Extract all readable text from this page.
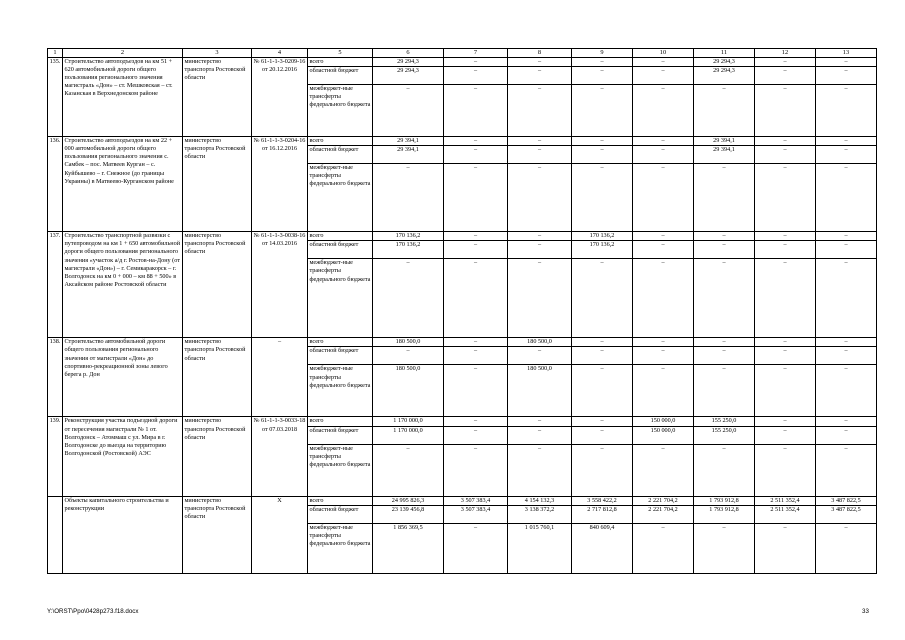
1	2	3	4	5	6	7	8	9	10	11	12	13
135.	Строительство автоподъездов на км 51 + 620 автомобильной дороги общего пользования регионального значения магистраль «Дон» – ст. Мешковская – ст. Казанская в Верхнедонском районе	министерство транспорта Ростовской области	№ 61-1-1-3-0209-16 от 20.12.2016	всего	29 294,3	–	–	–	–	29 294,3	–	–
				областной бюджет	29 294,3	–	–	–	–	29 294,3	–	–
				межбюджет-ные трансферты федерального бюджета	–	–	–	–	–	–	–	–
136.	Строительство автоподъездов на км 22 + 000 автомобильной дороги общего пользования регионального значения с. Самбек – пос. Матвеев Курган – с. Куйбышево – г. Снежное (до границы Украины) в Матвеево-Курганском районе	министерство транспорта Ростовской области	№ 61-1-1-3-0204-16 от 16.12.2016	всего	29 394,1	–	–	–	–	29 394,1	–	–
				областной бюджет	29 394,1	–	–	–	–	29 394,1	–	–
				межбюджет-ные трансферты федерального бюджета	–	–	–	–	–	–	–	–
137.	Строительство транспортной развязки с путепроводом на км 1 + 650 автомобильной дороги общего пользования регионального значения «участок а/д г. Ростов-на-Дону (от магистрали «Дон») – г. Семикаракорск – г. Волгодонск на км 0 + 000 – км 88 + 500» в Аксайском районе Ростовской области	министерство транспорта Ростовской области	№ 61-1-1-3-0038-16 от 14.03.2016	всего	170 136,2	–	–	170 136,2	–	–	–	–
				областной бюджет	170 136,2	–	–	170 136,2	–	–	–	–
				межбюджет-ные трансферты федерального бюджета	–	–	–	–	–	–	–	–
138.	Строительство автомобильной дороги общего пользования регионального значения от магистрали «Дон» до спортивно-рекреационной зоны левого берега р. Дон	министерство транспорта Ростовской области	–	всего	180 500,0	–	180 500,0	–	–	–	–	–
				областной бюджет	–	–	–	–	–	–	–	–
				межбюджет-ные трансферты федерального бюджета	180 500,0	–	180 500,0	–	–	–	–	–
139.	Реконструкция участка подъездной дороги от пересечения магистрали № 1 от. Волгодонск – Атоммаш с ул. Мира в г. Волгодонске до выезда на территорию Волгодонской (Ростовской) АЭС	министерство транспорта Ростовской области	№ 61-1-1-3-0033-18 от 07.03.2018	всего	1 170 000,0	–	–	–	150 000,0	155 250,0	–	–
				областной бюджет	1 170 000,0	–	–	–	150 000,0	155 250,0	–	–
				межбюджет-ные трансферты федерального бюджета	–	–	–	–	–	–	–	–
	Объекты капитального строительства и реконструкции	министерство транспорта Ростовской области	Х	всего	24 995 826,3	3 507 383,4	4 154 132,3	3 558 422,2	2 221 704,2	1 793 912,8	2 511 352,4	3 487 822,5
				областной бюджет	23 139 456,8	3 507 383,4	3 138 372,2	2 717 812,8	2 221 704,2	1 793 912,8	2 511 352,4	3 487 822,5
				межбюджет-ные трансферты федерального бюджета	1 856 369,5	–	1 015 760,1	840 609,4	–	–	–	–
Y:\ORST\Ppo\0428p273.f18.docx	33
